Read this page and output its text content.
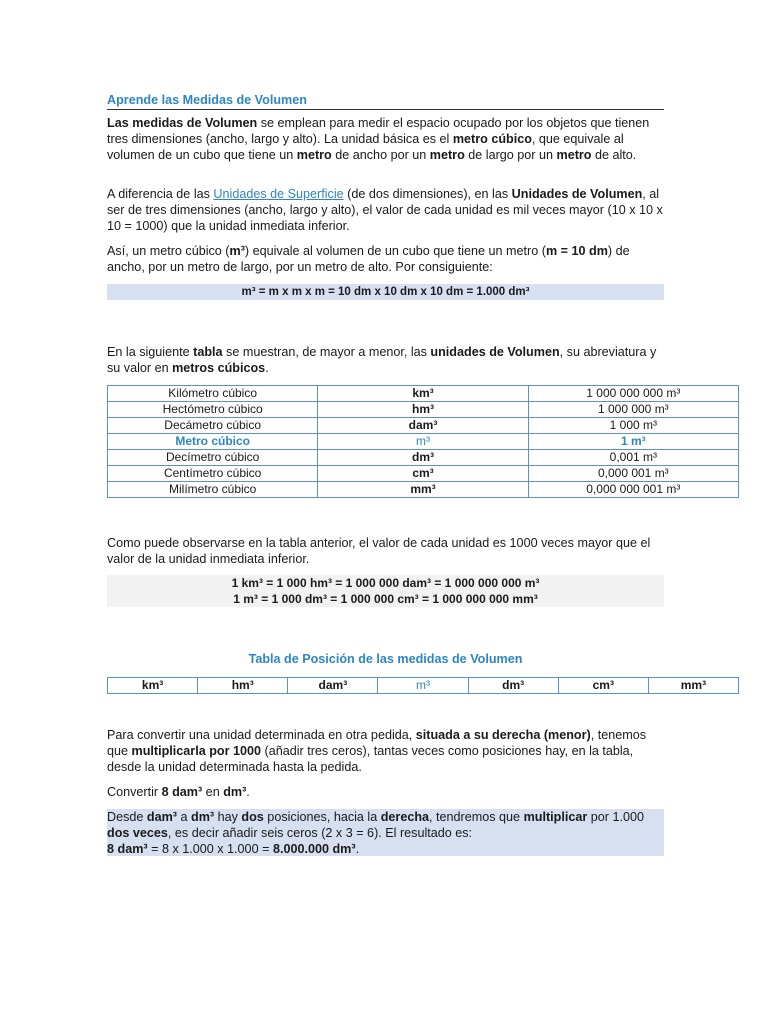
Aprende las Medidas de Volumen

Las medidas de Volumen se emplean para medir el espacio ocupado por los objetos que tienen tres dimensiones (ancho, largo y alto). La unidad básica es el metro cúbico, que equivale al volumen de un cubo que tiene un metro de ancho por un metro de largo por un metro de alto.

A diferencia de las Unidades de Superficie (de dos dimensiones), en las Unidades de Volumen, al ser de tres dimensiones (ancho, largo y alto), el valor de cada unidad es mil veces mayor (10 x 10 x 10 = 1000) que la unidad inmediata inferior.

Así, un metro cúbico (m³) equivale al volumen de un cubo que tiene un metro (m = 10 dm) de ancho, por un metro de largo, por un metro de alto. Por consiguiente:

m³ = m x m x m = 10 dm x 10 dm x 10 dm = 1.000 dm³

En la siguiente tabla se muestran, de mayor a menor, las unidades de Volumen, su abreviatura y su valor en metros cúbicos.

Kilómetro cúbico	km³	1 000 000 000 m³
Hectómetro cúbico	hm³	1 000 000 m³
Decámetro cúbico	dam³	1 000 m³
Metro cúbico	m³	1 m³
Decímetro cúbico	dm³	0,001 m³
Centímetro cúbico	cm³	0,000 001 m³
Milímetro cúbico	mm³	0,000 000 001 m³

Como puede observarse en la tabla anterior, el valor de cada unidad es 1000 veces mayor que el valor de la unidad inmediata inferior.

1 km³ = 1 000 hm³ = 1 000 000 dam³ = 1 000 000 000 m³
1 m³ = 1 000 dm³ = 1 000 000 cm³ = 1 000 000 000 mm³
Tabla de Posición de las medidas de Volumen
km³	hm³	dam³	m³	dm³	cm³	mm³

Para convertir una unidad determinada en otra pedida, situada a su derecha (menor), tenemos que multiplicarla por 1000 (añadir tres ceros), tantas veces como posiciones hay, en la tabla, desde la unidad determinada hasta la pedida.

Convertir 8 dam³ en dm³.

Desde dam³ a dm³ hay dos posiciones, hacia la derecha, tendremos que multiplicar por 1.000 dos veces, es decir añadir seis ceros (2 x 3 = 6). El resultado es:

8 dam³ = 8 x 1.000 x 1.000 = 8.000.000 dm³.
